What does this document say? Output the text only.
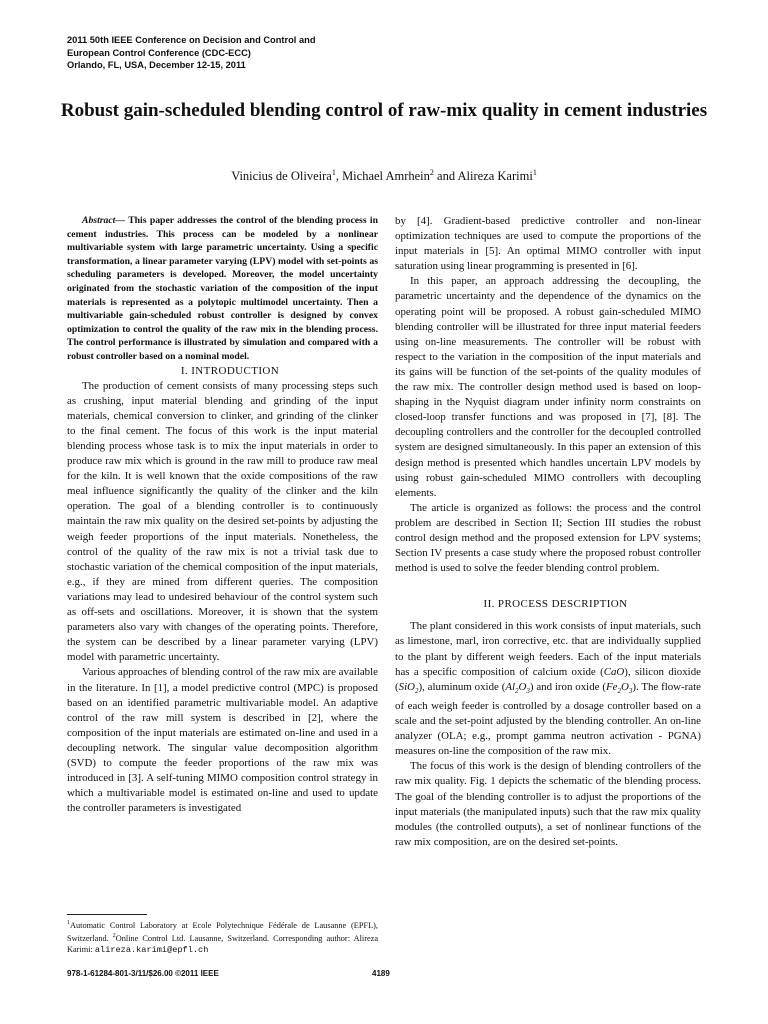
2011 50th IEEE Conference on Decision and Control and
European Control Conference (CDC-ECC)
Orlando, FL, USA, December 12-15, 2011
Robust gain-scheduled blending control of raw-mix quality in cement industries
Vinicius de Oliveira$^1$, Michael Amrhein$^2$ and Alireza Karimi$^1$

Abstract— This paper addresses the control of the blending process in cement industries. This process can be modeled by a nonlinear multivariable system with large parametric uncertainty. Using a specific transformation, a linear parameter varying (LPV) model with set-points as scheduling parameters is developed. Moreover, the model uncertainty originated from the stochastic variation of the composition of the input materials is represented as a polytopic multimodel uncertainty. Then a multivariable gain-scheduled robust controller is designed by convex optimization to control the quality of the raw mix in the blending process. The control performance is illustrated by simulation and compared with a robust controller based on a nominal model.

I. INTRODUCTION

The production of cement consists of many processing steps such as crushing, input material blending and grinding of the input materials, chemical conversion to clinker, and grinding of the clinker to the final cement. The focus of this work is the input material blending process whose task is to mix the input materials in order to produce raw mix which is ground in the raw mill to produce raw meal for the kiln. It is well known that the oxide compositions of the raw meal influence significantly the quality of the clinker and the kiln operation. The goal of a blending controller is to continuously maintain the raw mix quality on the desired set-points by adjusting the weigh feeder proportions of the input materials. Nonetheless, the control of the quality of the raw mix is not a trivial task due to stochastic variation of the chemical composition of the input materials, e.g., if they are mined from different queries. The composition variations may lead to undesired behaviour of the control system such as off-sets and oscillations. Moreover, it is shown that the system parameters also vary with changes of the operating points. Therefore, the system can be described by a linear parameter varying (LPV) model with parametric uncertainty.

Various approaches of blending control of the raw mix are available in the literature. In [1], a model predictive control (MPC) is proposed based on an identified parametric multivariable model. An adaptive control of the raw mill system is described in [2], where the composition of the input materials are estimated on-line and used in a decoupling network. The singular value decomposition algorithm (SVD) to compute the feeder proportions of the raw mix was introduced in [3]. A self-tuning MIMO composition control strategy in which a multivariable model is estimated on-line and used to update the controller parameters is investigated

by [4]. Gradient-based predictive controller and non-linear optimization techniques are used to compute the proportions of the input materials in [5]. An optimal MIMO controller with input saturation using linear programming is presented in [6].

In this paper, an approach addressing the decoupling, the parametric uncertainty and the dependence of the dynamics on the operating point will be proposed. A robust gain-scheduled MIMO blending controller will be illustrated for three input material feeders using on-line measurements. The controller will be robust with respect to the variation in the composition of the input materials and its gains will be function of the set-points of the quality modules of the raw mix. The controller design method used is based on loop-shaping in the Nyquist diagram under infinity norm constraints on closed-loop transfer functions and was proposed in [7], [8]. The decoupling controllers and the controller for the decoupled controlled system are designed simultaneously. In this paper an extension of this design method is presented which handles uncertain LPV models by using robust gain-scheduled MIMO controllers with decoupling elements.

The article is organized as follows: the process and the control problem are described in Section II; Section III studies the robust control design method and the proposed extension for LPV systems; Section IV presents a case study where the proposed robust controller method is used to solve the feeder blending control problem.

II. PROCESS DESCRIPTION

The plant considered in this work consists of input materials, such as limestone, marl, iron corrective, etc. that are individually supplied to the plant by different weigh feeders. Each of the input materials has a specific composition of calcium oxide (CaO), silicon dioxide (SiO$_2$), aluminum oxide $(Al_2O_3)$ and iron oxide $(Fe_2O_3)$. The flow-rate of each weigh feeder is controlled by a dosage controller based on a scale and the set-point adjusted by the blending controller. An on-line analyzer (OLA; e.g., prompt gamma neutron activation - PGNA) measures on-line the composition of the raw mix.

The focus of this work is the design of blending controllers of the raw mix quality. Fig. 1 depicts the schematic of the blending process. The goal of the blending controller is to adjust the proportions of the input materials (the manipulated inputs) such that the raw mix quality modules (the controlled outputs), a set of nonlinear functions of the raw mix composition, are on the desired set-points.

$^1$Automatic Control Laboratory at Ecole Polytechnique Fédérale de Lausanne (EPFL), Switzerland. $^2$Online Control Ltd. Lausanne, Switzerland. Corresponding author: Alireza Karimi: alireza.karimi@epfl.ch
978-1-61284-801-3/11/$26.00 ©2011 IEEE	4189
